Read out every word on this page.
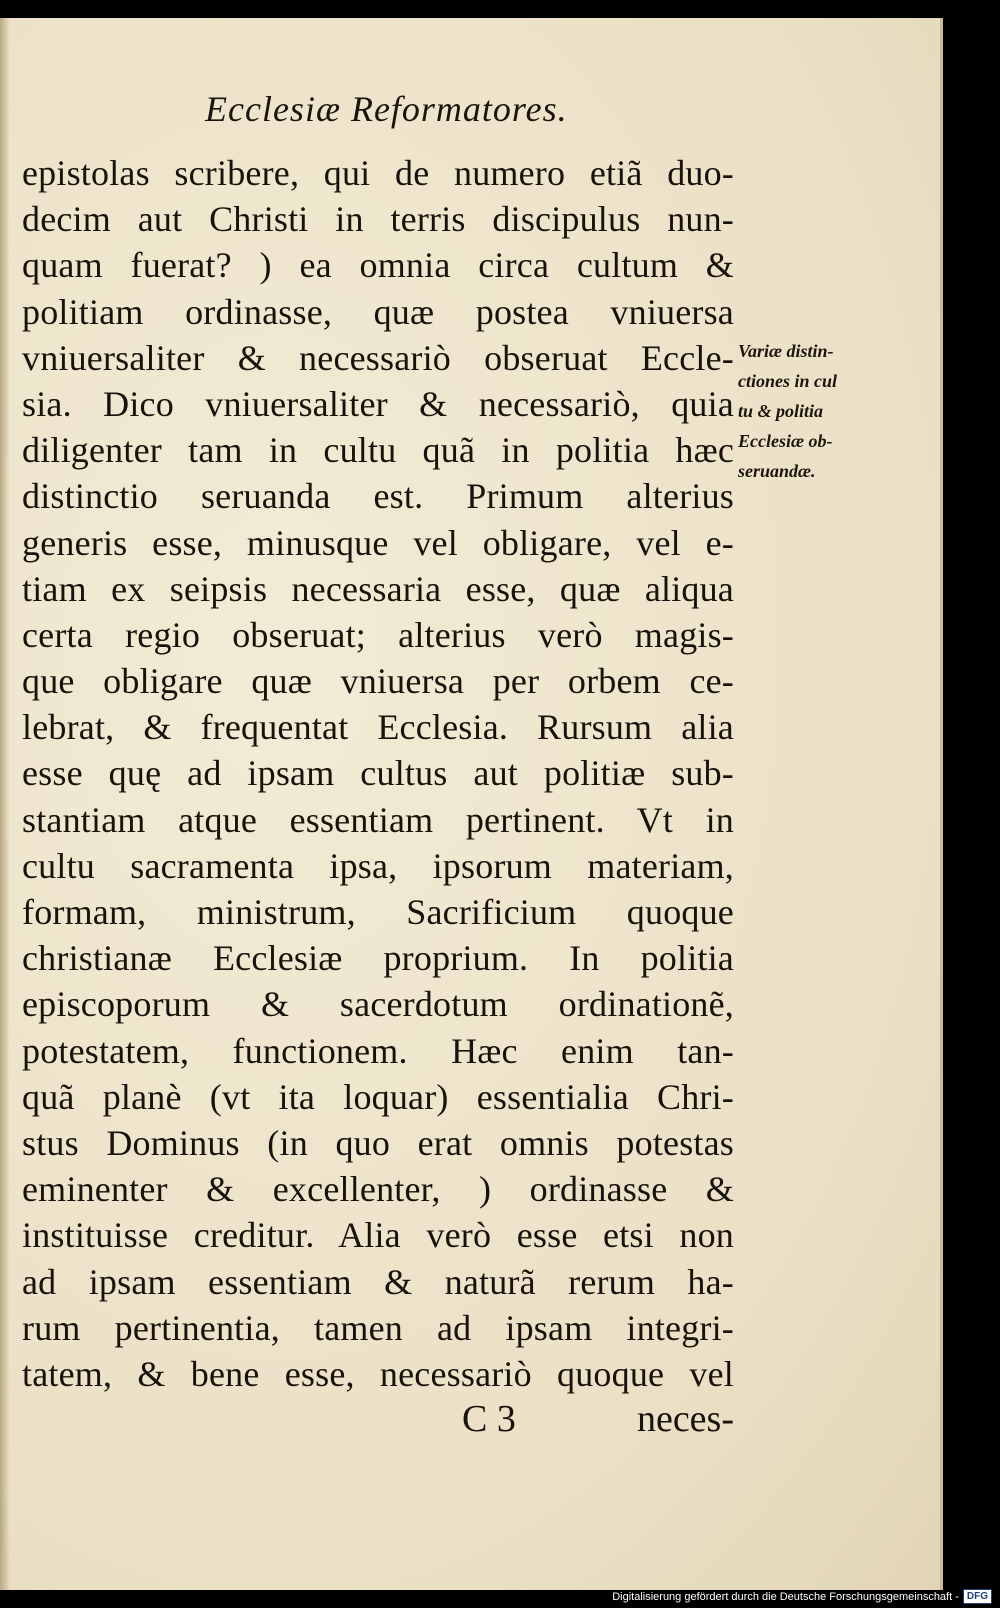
Ecclesiæ Reformatores.
epistolas scribere, qui de numero etiã duo-
decim aut Christi in terris discipulus nun-
quam fuerat? ) ea omnia circa cultum &
politiam ordinasse, quæ postea vniuersa
vniuersaliter & necessariò obseruat Eccle-
sia. Dico vniuersaliter & necessariò, quia
diligenter tam in cultu quã in politia hæc
distinctio seruanda est. Primum alterius
generis esse, minusque vel obligare, vel e-
tiam ex seipsis necessaria esse, quæ aliqua
certa regio obseruat; alterius verò magis-
que obligare quæ vniuersa per orbem ce-
lebrat, & frequentat Ecclesia. Rursum alia
esse quę ad ipsam cultus aut politiæ sub-
stantiam atque essentiam pertinent. Vt in
cultu sacramenta ipsa, ipsorum materiam,
formam, ministrum, Sacrificium quoque
christianæ Ecclesiæ proprium. In politia
episcoporum & sacerdotum ordinationẽ,
potestatem, functionem. Hæc enim tan-
quã planè (vt ita loquar) essentialia Chri-
stus Dominus (in quo erat omnis potestas
eminenter & excellenter, ) ordinasse &
instituisse creditur. Alia verò esse etsi non
ad ipsam essentiam & naturã rerum ha-
rum pertinentia, tamen ad ipsam integri-
tatem, & bene esse, necessariò quoque vel
Variæ distin-
ctiones in cul
tu & politia
Ecclesiæ ob-
seruandæ.
C 3	neces-
Digitalisierung gefördert durch die Deutsche Forschungsgemeinschaft - DFG
